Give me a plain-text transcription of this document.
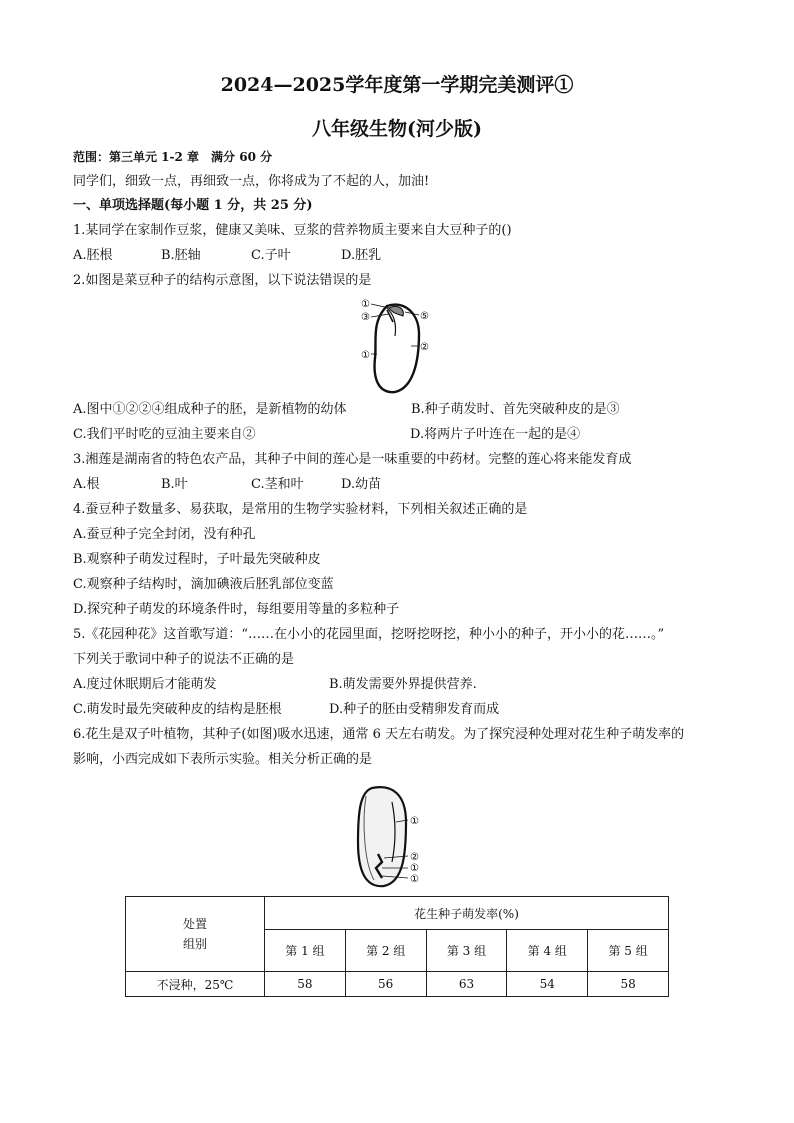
2024—2025学年度第一学期完美测评①
八年级生物(河少版)
范围：第三单元 1-2 章　满分 60 分
同学们，细致一点，再细致一点，你将成为了不起的人，加油!
一、单项选择题(每小题 1 分，共 25 分)
1.某同学在家制作豆浆，健康又美味、豆浆的营养物质主要来自大豆种子的()
A.胚根	B.胚轴	C.子叶	D.胚乳
2.如图是菜豆种子的结构示意图，以下说法错误的是
①
③	⑤
②
①
A.图中①②②④组成种子的胚，是新植物的幼体	B.种子萌发时、首先突破种皮的是③
C.我们平时吃的豆油主要来自②	D.将两片子叶连在一起的是④
3.湘莲是湖南省的特色农产品，其种子中间的莲心是一味重要的中药材。完整的莲心将来能发育成
A.根	B.叶	C.茎和叶	D.幼苗
4.蚕豆种子数量多、易获取，是常用的生物学实验材料，下列相关叙述正确的是
A.蚕豆种子完全封闭，没有种孔
B.观察种子萌发过程时，子叶最先突破种皮
C.观察种子结构时，滴加碘液后胚乳部位变蓝
D.探究种子萌发的环境条件时，每组要用等量的多粒种子
5.《花园种花》这首歌写道：“……在小小的花园里面，挖呀挖呀挖，种小小的种子，开小小的花……。”
下列关于歌词中种子的说法不正确的是
A.度过休眠期后才能萌发	B.萌发需要外界提供营养.
C.萌发时最先突破种皮的结构是胚根	D.种子的胚由受精卵发育而成
6.花生是双子叶植物，其种子(如图)吸水迅速，通常 6 天左右萌发。为了探究浸种处理对花生种子萌发率的
影响，小西完成如下表所示实验。相关分析正确的是
①
②
①
①
处置
组别	花生种子萌发率(%)				
	第 1 组	第 2 组	第 3 组	第 4 组	第 5 组
不浸种，25℃	58	56	63	54	58
